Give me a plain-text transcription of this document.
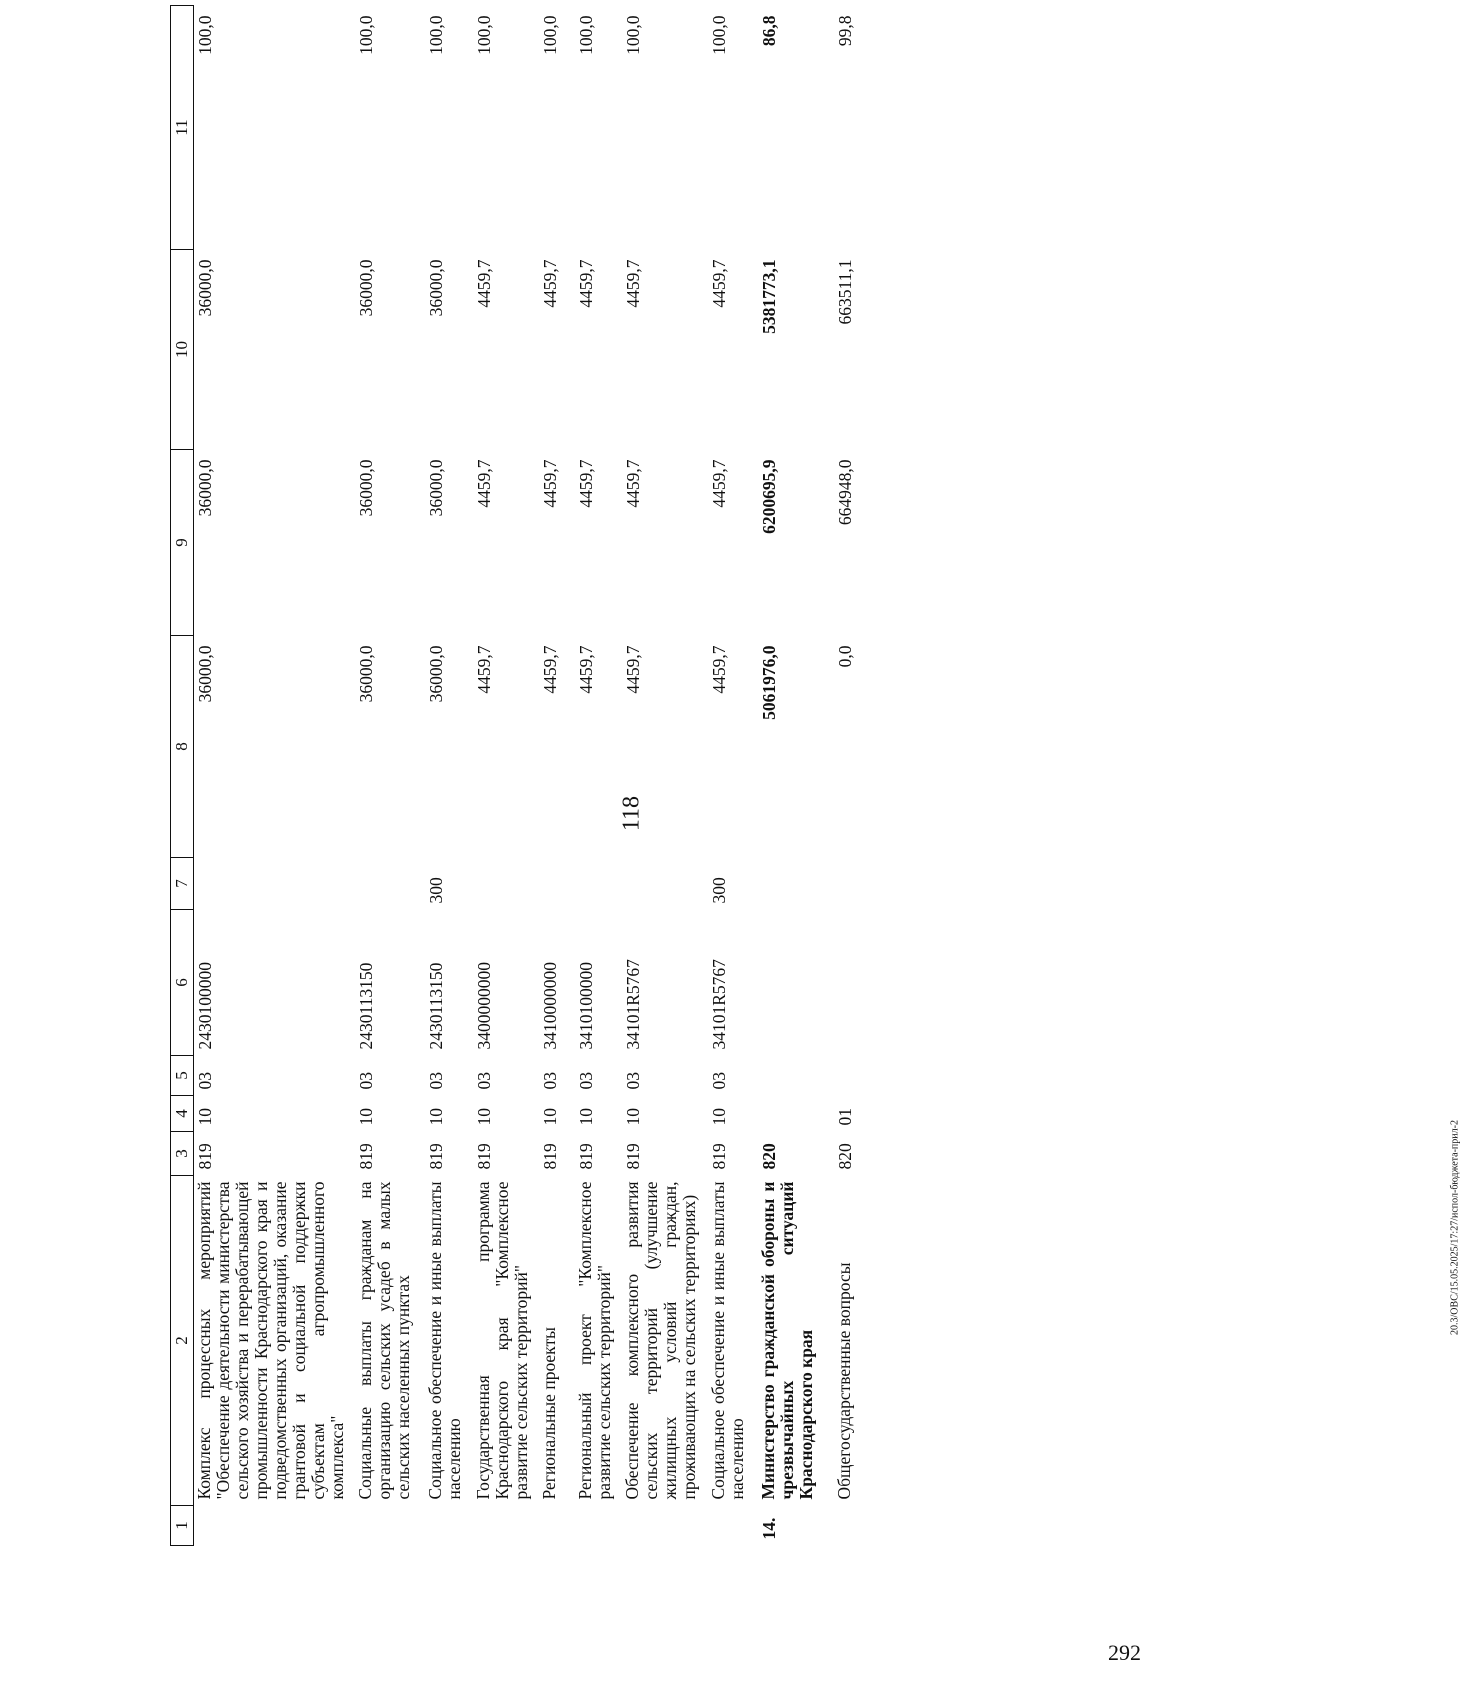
118
292
20.3/OBC/15.05.2025/17:27/испол-бюджета-прил-2
1	2	3	4	5	6	7	8	9	10	11
	Комплекс процессных мероприятий "Обеспечение деятельности министерства сельского хозяйства и перерабатывающей промышленности Краснодарского края и подведомственных организаций, оказание грантовой и социальной поддержки субъектам агропромышленного комплекса"	819	10	03	2430100000		36000,0	36000,0	36000,0	100,0
	Социальные выплаты гражданам на организацию сельских усадеб в малых сельских населенных пунктах	819	10	03	2430113150		36000,0	36000,0	36000,0	100,0
	Социальное обеспечение и иные выплаты населению	819	10	03	2430113150	300	36000,0	36000,0	36000,0	100,0
	Государственная программа Краснодарского края "Комплексное развитие сельских территорий"	819	10	03	3400000000		4459,7	4459,7	4459,7	100,0
	Региональные проекты	819	10	03	3410000000		4459,7	4459,7	4459,7	100,0
	Региональный проект "Комплексное развитие сельских территорий"	819	10	03	3410100000		4459,7	4459,7	4459,7	100,0
	Обеспечение комплексного развития сельских территорий (улучшение жилищных условий граждан, проживающих на сельских территориях)	819	10	03	34101R5767		4459,7	4459,7	4459,7	100,0
	Социальное обеспечение и иные выплаты населению	819	10	03	34101R5767	300	4459,7	4459,7	4459,7	100,0
14.	Министерство гражданской обороны и чрезвычайных ситуаций Краснодарского края	820					5061976,0	6200695,9	5381773,1	86,8
	Общегосударственные вопросы	820	01				0,0	664948,0	663511,1	99,8
